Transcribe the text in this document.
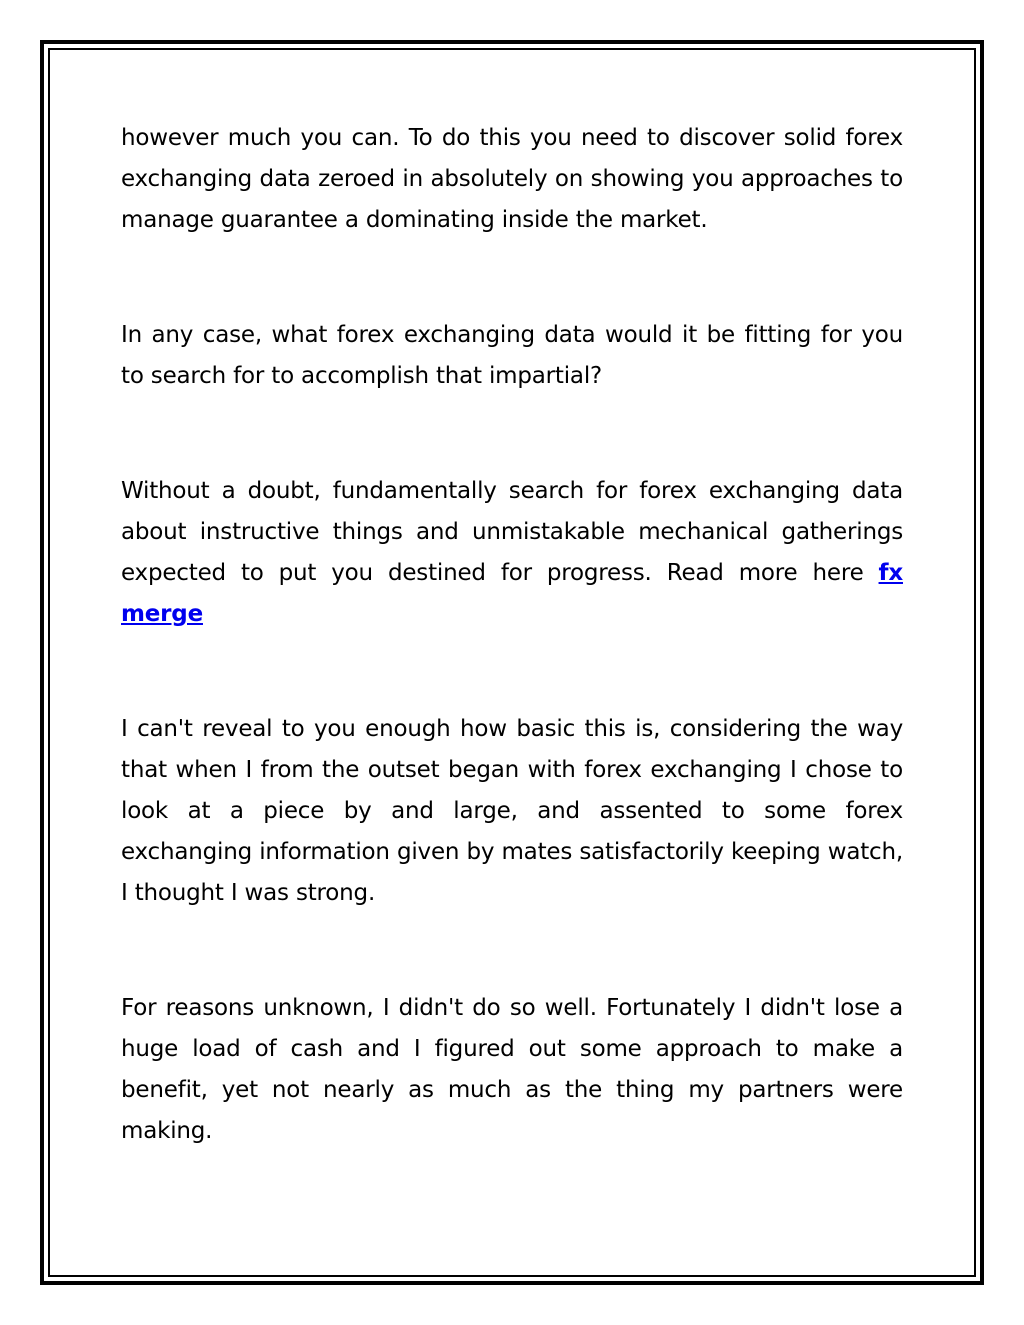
however much you can. To do this you need to discover solid forex exchanging data zeroed in absolutely on showing you approaches to manage guarantee a dominating inside the market.

In any case, what forex exchanging data would it be fitting for you to search for to accomplish that impartial?

Without a doubt, fundamentally search for forex exchanging data about instructive things and unmistakable mechanical gatherings expected to put you destined for progress. Read more here fx merge

I can't reveal to you enough how basic this is, considering the way that when I from the outset began with forex exchanging I chose to look at a piece by and large, and assented to some forex exchanging information given by mates satisfactorily keeping watch, I thought I was strong.

For reasons unknown, I didn't do so well. Fortunately I didn't lose a huge load of cash and I figured out some approach to make a benefit, yet not nearly as much as the thing my partners were making.
